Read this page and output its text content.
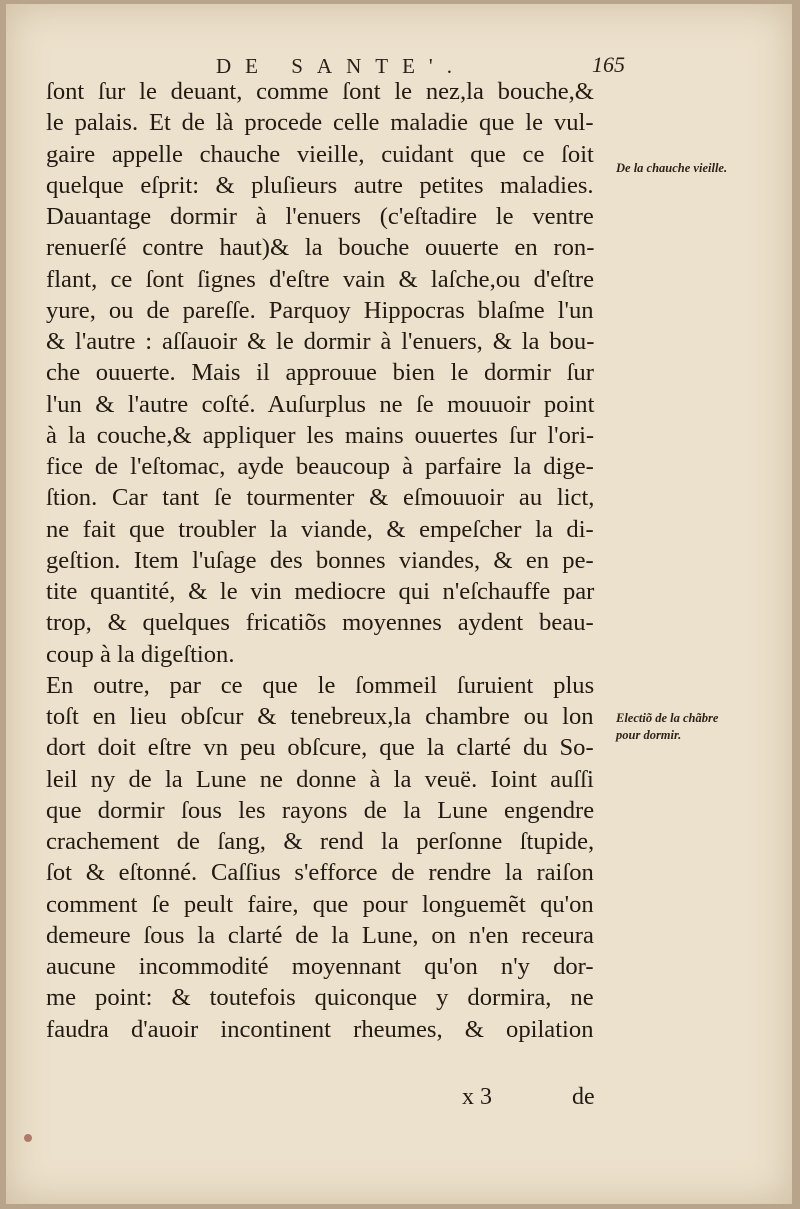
DE SANTE'.	165
ſont ſur le deuant, comme ſont le nez,la bouche,&
le palais. Et de là procede celle maladie que le vul-
gaire appelle chauche vieille, cuidant que ce ſoit
quelque eſprit: & pluſieurs autre petites maladies.
Dauantage dormir à l'enuers (c'eſtadire le ventre
renuerſé contre haut)& la bouche ouuerte en ron-
flant, ce ſont ſignes d'eſtre vain & laſche,ou d'eſtre
yure, ou de pareſſe. Parquoy Hippocras blaſme l'un
& l'autre : aſſauoir & le dormir à l'enuers, & la bou-
che ouuerte. Mais il approuue bien le dormir ſur
l'un & l'autre coſté. Auſurplus ne ſe mouuoir point
à la couche,& appliquer les mains ouuertes ſur l'ori-
fice de l'eſtomac, ayde beaucoup à parfaire la dige-
ſtion. Car tant ſe tourmenter & eſmouuoir au lict,
ne fait que troubler la viande, & empeſcher la di-
geſtion. Item l'uſage des bonnes viandes, & en pe-
tite quantité, & le vin mediocre qui n'eſchauffe par
trop, & quelques fricatiõs moyennes aydent beau-
coup à la digeſtion.
En outre, par ce que le ſommeil ſuruient plus
toſt en lieu obſcur & tenebreux,la chambre ou lon
dort doit eſtre vn peu obſcure, que la clarté du So-
leil ny de la Lune ne donne à la veuë. Ioint auſſi
que dormir ſous les rayons de la Lune engendre
crachement de ſang, & rend la perſonne ſtupide,
ſot & eſtonné. Caſſius s'efforce de rendre la raiſon
comment ſe peult faire, que pour longuemẽt qu'on
demeure ſous la clarté de la Lune, on n'en receura
aucune incommodité moyennant qu'on n'y dor-
me point: & toutefois quiconque y dormira, ne
faudra d'auoir incontinent rheumes, & opilation
De la chauche vieille.
Electiõ de la chãbre pour dormir.
x 3	de
